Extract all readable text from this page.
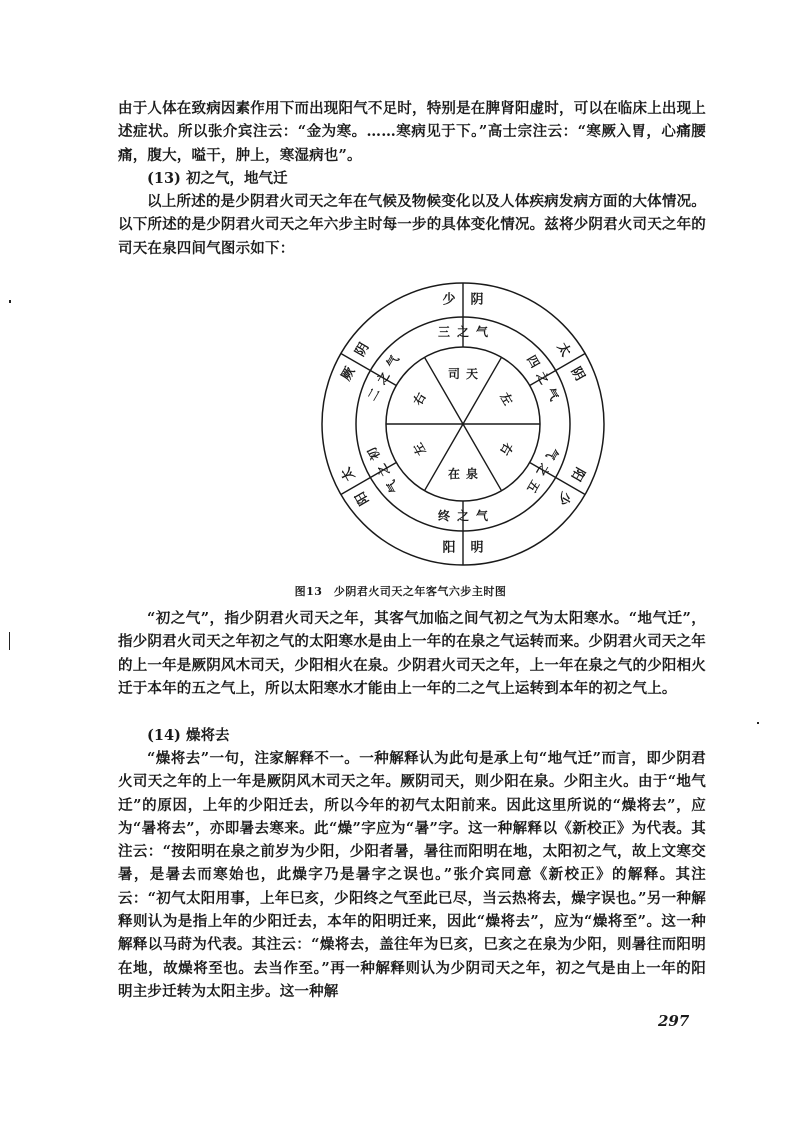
由于人体在致病因素作用下而出现阳气不足时，特别是在脾肾阳虚时，可以在临床上出现上述症状。所以张介宾注云：“金为寒。……寒病见于下。”高士宗注云：“寒厥入胃，心痛腰痛，腹大，嗌干，肿上，寒湿病也”。

(13) 初之气，地气迁

以上所述的是少阴君火司天之年在气候及物候变化以及人体疾病发病方面的大体情况。以下所述的是少阴君火司天之年六步主时每一步的具体变化情况。兹将少阴君火司天之年的司天在泉四间气图示如下：

少 阴
太
阴
少
阳
阳 明
太
阳
厥
阴
三 之 气
四
之
气
五
之
气
终 之 气
初
之
气
二
之
气
司 天
在 泉
右	左
左	右
图13　少阴君火司天之年客气六步主时图

“初之气”，指少阴君火司天之年，其客气加临之间气初之气为太阳寒水。“地气迁”，指少阴君火司天之年初之气的太阳寒水是由上一年的在泉之气运转而来。少阴君火司天之年的上一年是厥阴风木司天，少阳相火在泉。少阴君火司天之年，上一年在泉之气的少阳相火迁于本年的五之气上，所以太阳寒水才能由上一年的二之气上运转到本年的初之气上。

(14) 燥将去

“燥将去”一句，注家解释不一。一种解释认为此句是承上句“地气迁”而言，即少阴君火司天之年的上一年是厥阴风木司天之年。厥阴司天，则少阳在泉。少阳主火。由于“地气迁”的原因，上年的少阳迁去，所以今年的初气太阳前来。因此这里所说的“燥将去”，应为“暑将去”，亦即暑去寒来。此“燥”字应为“暑”字。这一种解释以《新校正》为代表。其注云：“按阳明在泉之前岁为少阳，少阳者暑，暑往而阳明在地，太阳初之气，故上文寒交暑，是暑去而寒始也，此燥字乃是暑字之误也。”张介宾同意《新校正》的解释。其注云：“初气太阳用事，上年巳亥，少阳终之气至此已尽，当云热将去，燥字误也。”另一种解释则认为是指上年的少阳迁去，本年的阳明迁来，因此“燥将去”，应为“燥将至”。这一种解释以马莳为代表。其注云：“燥将去，盖往年为巳亥，巳亥之在泉为少阳，则暑往而阳明在地，故燥将至也。去当作至。”再一种解释则认为少阴司天之年，初之气是由上一年的阳明主步迁转为太阳主步。这一种解

297
